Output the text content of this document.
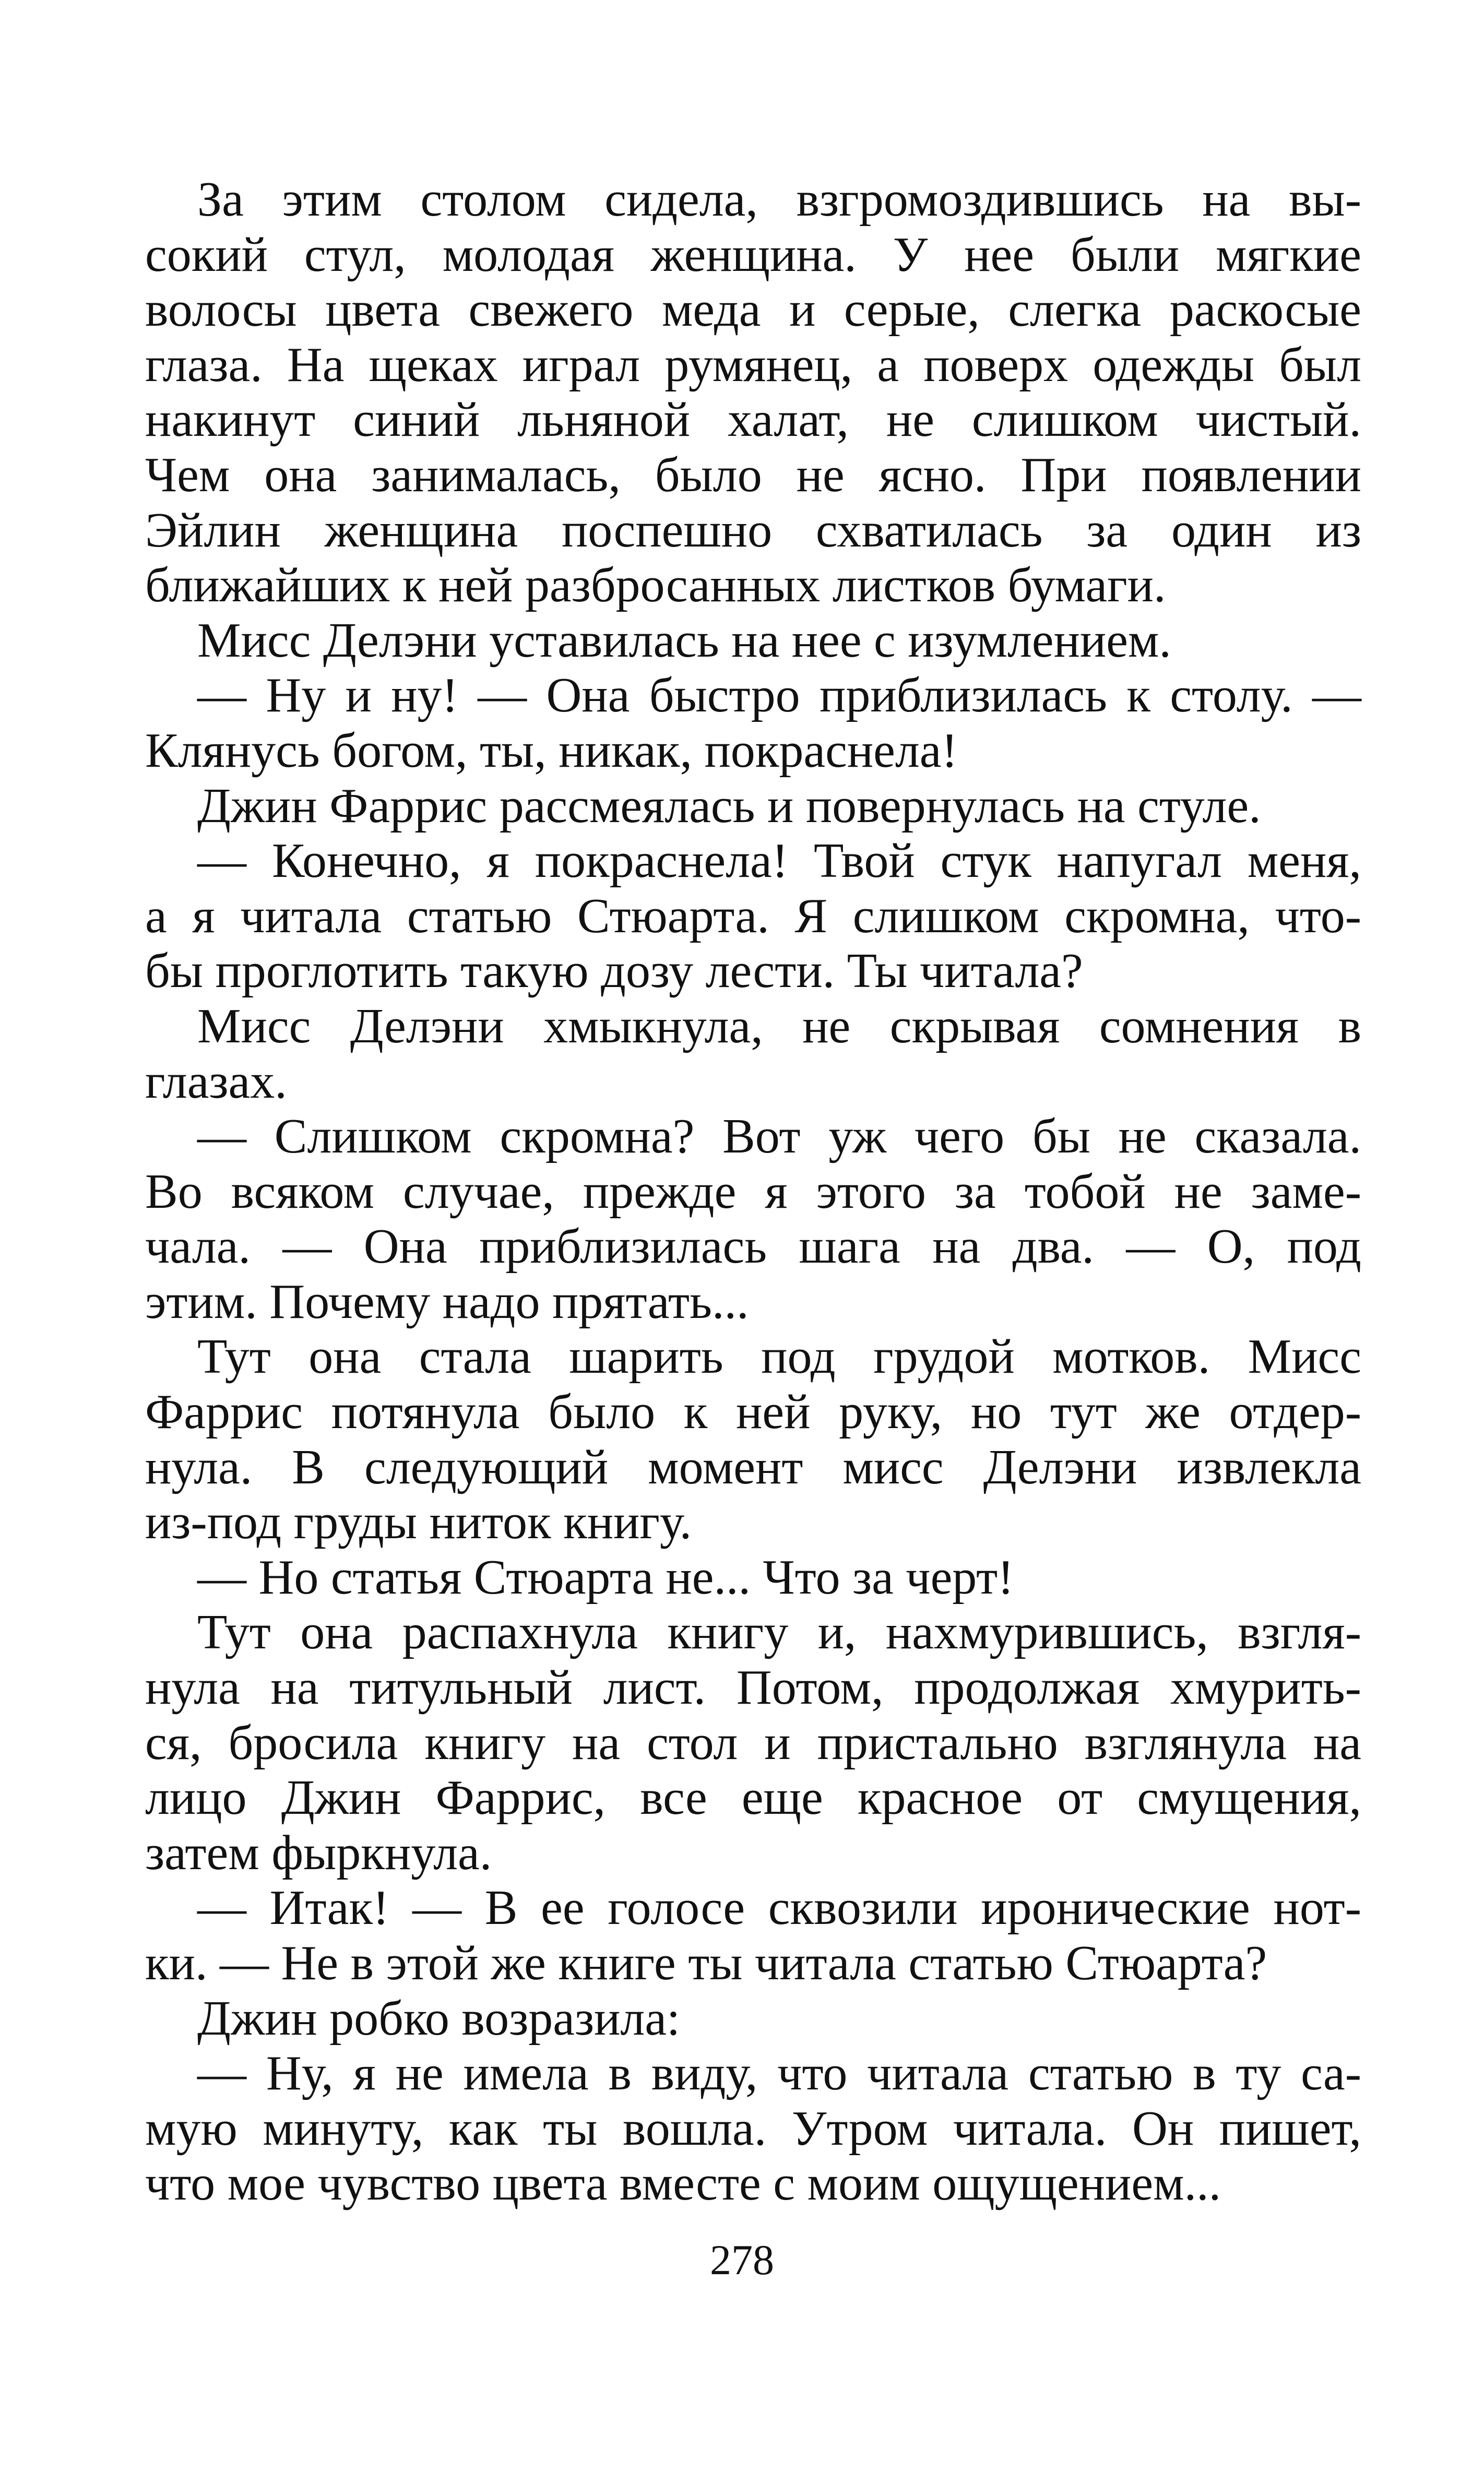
За этим столом сидела, взгромоздившись на вы-
сокий стул, молодая женщина. У нее были мягкие
волосы цвета свежего меда и серые, слегка раскосые
глаза. На щеках играл румянец, а поверх одежды был
накинут синий льняной халат, не слишком чистый.
Чем она занималась, было не ясно. При появлении
Эйлин женщина поспешно схватилась за один из
ближайших к ней разбросанных листков бумаги.
Мисс Делэни уставилась на нее с изумлением.
— Ну и ну! — Она быстро приблизилась к столу. —
Клянусь богом, ты, никак, покраснела!
Джин Фаррис рассмеялась и повернулась на стуле.
— Конечно, я покраснела! Твой стук напугал меня,
а я читала статью Стюарта. Я слишком скромна, что-
бы проглотить такую дозу лести. Ты читала?
Мисс Делэни хмыкнула, не скрывая сомнения в
глазах.
— Слишком скромна? Вот уж чего бы не сказала.
Во всяком случае, прежде я этого за тобой не заме-
чала. — Она приблизилась шага на два. — О, под
этим. Почему надо прятать...
Тут она стала шарить под грудой мотков. Мисс
Фаррис потянула было к ней руку, но тут же отдер-
нула. В следующий момент мисс Делэни извлекла
из-под груды ниток книгу.
— Но статья Стюарта не... Что за черт!
Тут она распахнула книгу и, нахмурившись, взгля-
нула на титульный лист. Потом, продолжая хмурить-
ся, бросила книгу на стол и пристально взглянула на
лицо Джин Фаррис, все еще красное от смущения,
затем фыркнула.
— Итак! — В ее голосе сквозили иронические нот-
ки. — Не в этой же книге ты читала статью Стюарта?
Джин робко возразила:
— Ну, я не имела в виду, что читала статью в ту са-
мую минуту, как ты вошла. Утром читала. Он пишет,
что мое чувство цвета вместе с моим ощущением...
278
